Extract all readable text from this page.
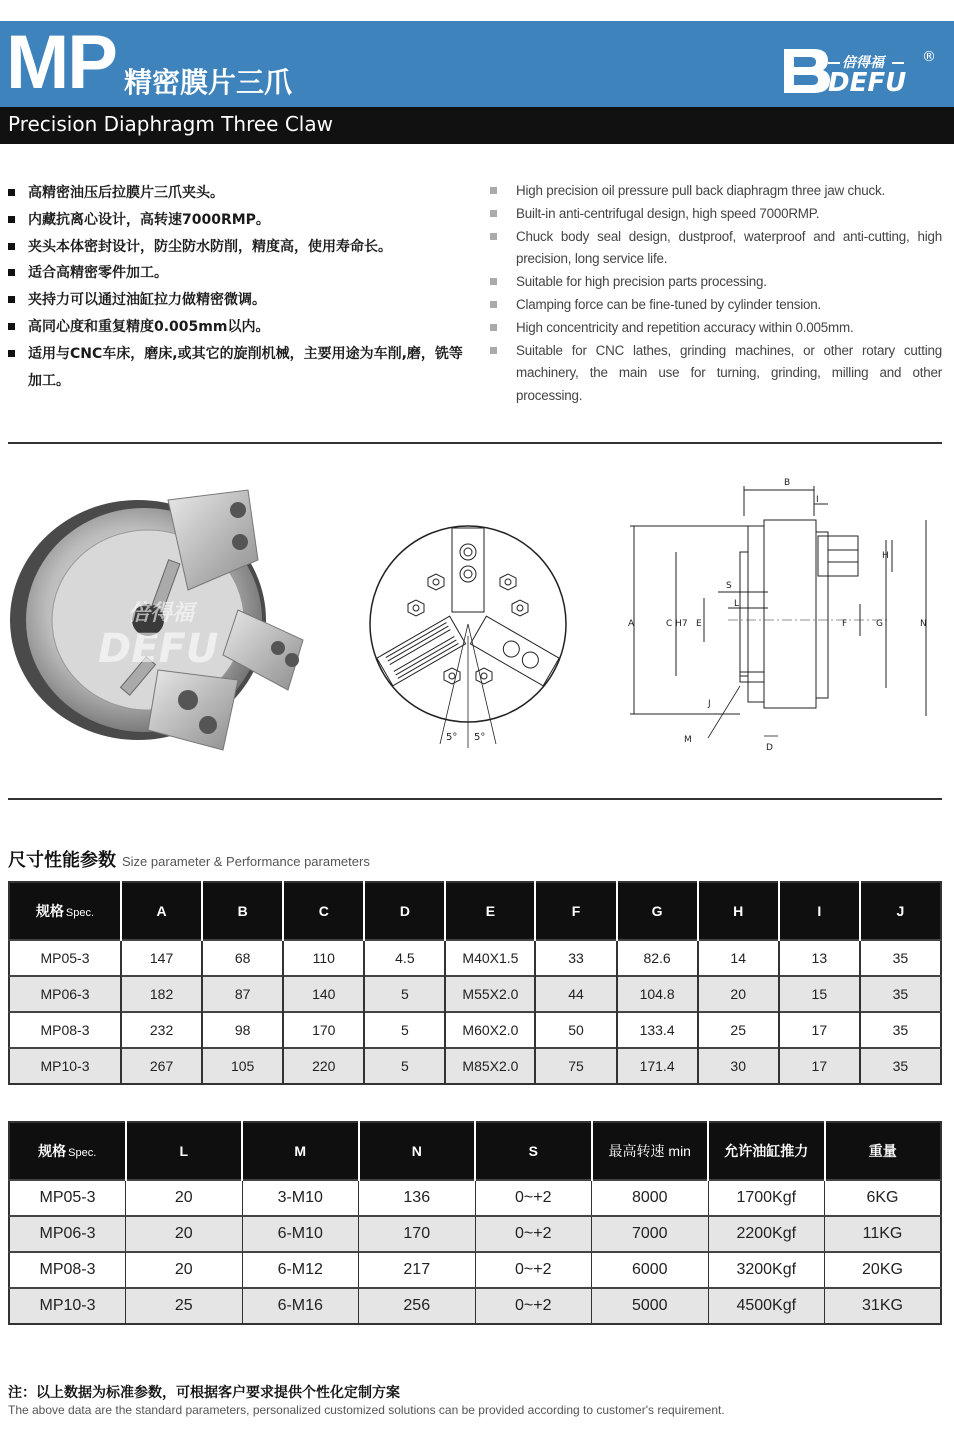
MP 精密膜片三爪
倍得福
DEFU
®
Precision Diaphragm Three Claw
高精密油压后拉膜片三爪夹头。
内藏抗离心设计，高转速7000RMP。
夹头本体密封设计，防尘防水防削，精度高，使用寿命长。
适合高精密零件加工。
夹持力可以通过油缸拉力做精密微调。
高同心度和重复精度0.005mm以内。
适用与CNC车床，磨床,或其它的旋削机械，主要用途为车削,磨，铣等加工。
High precision oil pressure pull back diaphragm three jaw chuck.
Built-in anti-centrifugal design, high speed 7000RMP.
Chuck body seal design, dustproof, waterproof and anti-cutting, high precision, long service life.
Suitable for high precision parts processing.
Clamping force can be fine-tuned by cylinder tension.
High concentricity and repetition accuracy within 0.005mm.
Suitable for CNC lathes, grinding machines, or other rotary cutting machinery, the main use for turning, grinding, milling and other processing.
倍得福
DEFU
5° 5°
B
I
H
S
L
A	C H7 E	F	G	N
J
M
D
尺寸性能参数 Size parameter & Performance parameters
规格 Spec.	A	B	C	D	E	F	G	H	I	J
MP05-3	147	68	110	4.5	M40X1.5	33	82.6	14	13	35
MP06-3	182	87	140	5	M55X2.0	44	104.8	20	15	35
MP08-3	232	98	170	5	M60X2.0	50	133.4	25	17	35
MP10-3	267	105	220	5	M85X2.0	75	171.4	30	17	35
规格 Spec.	L	M	N	S	最高转速 min	允许油缸推力	重量
MP05-3	20	3-M10	136	0~+2	8000	1700Kgf	6KG
MP06-3	20	6-M10	170	0~+2	7000	2200Kgf	11KG
MP08-3	20	6-M12	217	0~+2	6000	3200Kgf	20KG
MP10-3	25	6-M16	256	0~+2	5000	4500Kgf	31KG
注：以上数据为标准参数，可根据客户要求提供个性化定制方案
The above data are the standard parameters, personalized customized solutions can be provided according to customer's requirement.
